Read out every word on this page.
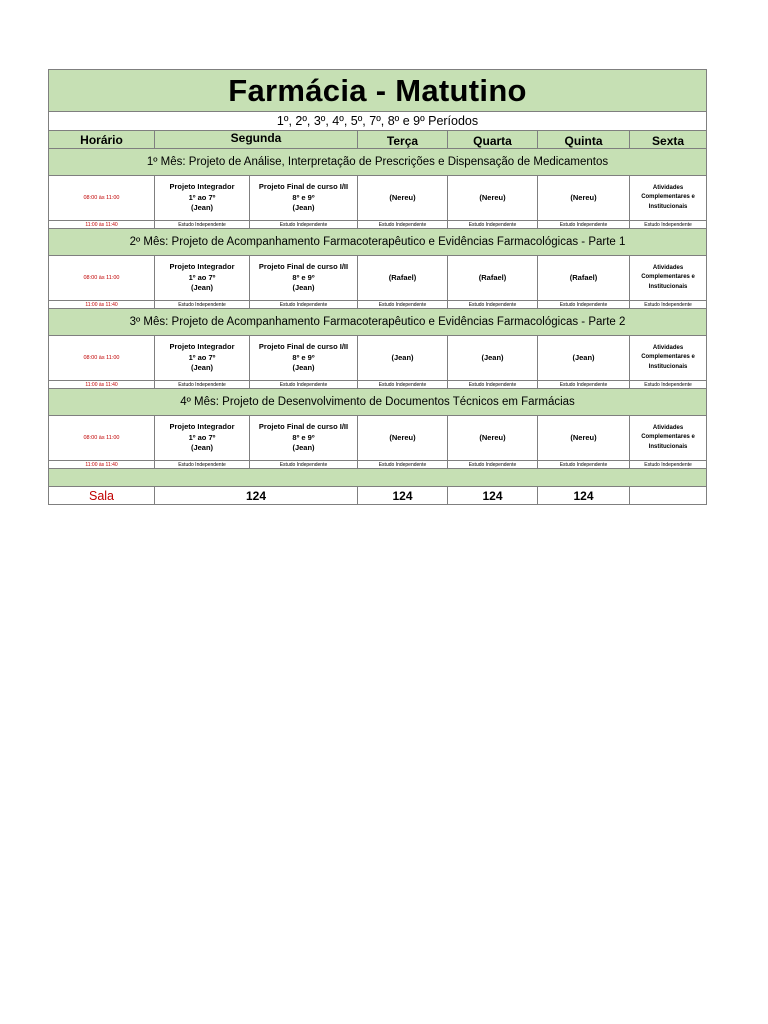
Farmácia - Matutino						
1º, 2º, 3º, 4º, 5º, 7º, 8º e 9º Períodos						
Horário	Segunda		Terça	Quarta	Quinta	Sexta
1º Mês: Projeto de Análise, Interpretação de Prescrições e Dispensação de Medicamentos						
08:00 às 11:00	Projeto Integrador
1º ao 7º
(Jean)	Projeto Final de curso I/II
8º e 9º
(Jean)	(Nereu)	(Nereu)	(Nereu)	Atividades
Complementares e
Institucionais

11:00 às 11:40	Estudo Independente	Estudo Independente	Estudo Independente	Estudo Independente	Estudo Independente	Estudo Independente
2º Mês: Projeto de Acompanhamento Farmacoterapêutico e Evidências Farmacológicas - Parte 1						
08:00 às 11:00	Projeto Integrador
1º ao 7º
(Jean)	Projeto Final de curso I/II
8º e 9º
(Jean)	(Rafael)	(Rafael)	(Rafael)	Atividades
Complementares e
Institucionais

11:00 às 11:40	Estudo Independente	Estudo Independente	Estudo Independente	Estudo Independente	Estudo Independente	Estudo Independente
3º Mês: Projeto de Acompanhamento Farmacoterapêutico e Evidências Farmacológicas - Parte 2						
08:00 às 11:00	Projeto Integrador
1º ao 7º
(Jean)	Projeto Final de curso I/II
8º e 9º
(Jean)	(Jean)	(Jean)	(Jean)	Atividades
Complementares e
Institucionais

11:00 às 11:40	Estudo Independente	Estudo Independente	Estudo Independente	Estudo Independente	Estudo Independente	Estudo Independente
4º Mês: Projeto de Desenvolvimento de Documentos Técnicos em Farmácias						
08:00 às 11:00	Projeto Integrador
1º ao 7º
(Jean)	Projeto Final de curso I/II
8º e 9º
(Jean)	(Nereu)	(Nereu)	(Nereu)	Atividades
Complementares e
Institucionais

11:00 às 11:40	Estudo Independente	Estudo Independente	Estudo Independente	Estudo Independente	Estudo Independente	Estudo Independente

Sala	124		124	124	124	
